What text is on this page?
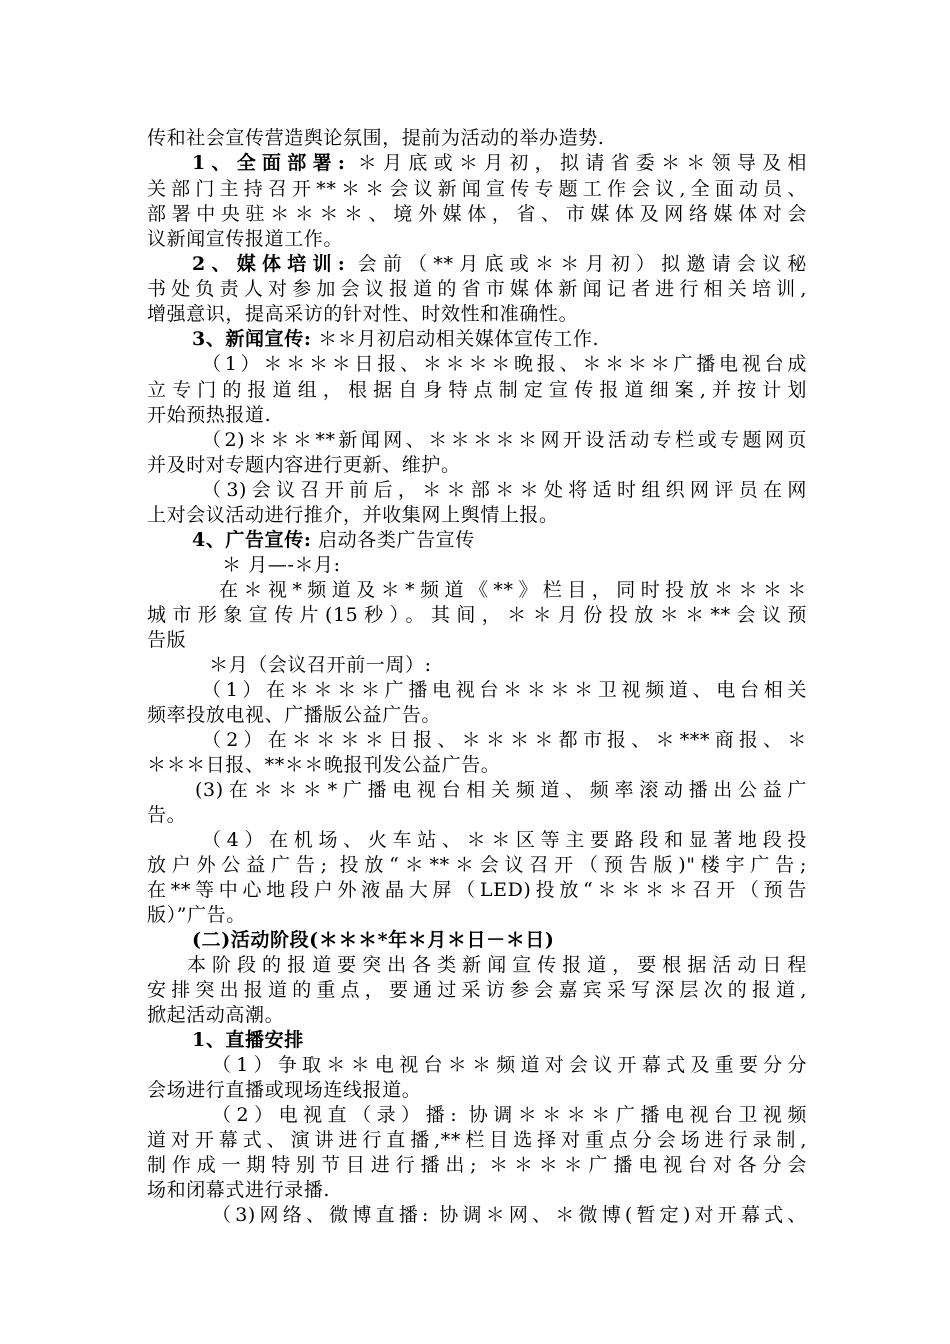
传和社会宣传营造舆论氛围，提前为活动的举办造势.
1、全面部署: ＊月底或＊月初，拟请省委＊＊领导及相
关部门主持召开**＊＊会议新闻宣传专题工作会议,全面动员、
部署中央驻＊＊＊＊、境外媒体，省、市媒体及网络媒体对会
议新闻宣传报道工作。
2、媒体培训: 会前（**月底或＊＊月初）拟邀请会议秘
书处负责人对参加会议报道的省市媒体新闻记者进行相关培训,
增强意识，提高采访的针对性、时效性和准确性。
3、新闻宣传: ＊＊月初启动相关媒体宣传工作.
（1）＊＊＊＊日报、＊＊＊＊晚报、＊＊＊＊广播电视台成
立专门的报道组，根据自身特点制定宣传报道细案,并按计划
开始预热报道.
（2)＊＊＊**新闻网、＊＊＊＊＊网开设活动专栏或专题网页
并及时对专题内容进行更新、维护。
（3)会议召开前后，＊＊部＊＊处将适时组织网评员在网
上对会议活动进行推介，并收集网上舆情上报。
4、广告宣传: 启动各类广告宣传
＊ 月—-＊月:
在＊视*频道及＊*频道《**》栏目，同时投放＊＊＊＊
城市形象宣传片(15秒）。其间，＊＊月份投放＊＊**会议预
告版
＊月（会议召开前一周）:
（1）在＊＊＊＊广播电视台＊＊＊＊卫视频道、电台相关
频率投放电视、广播版公益广告。
（2）在＊＊＊＊日报、＊＊＊＊都市报、＊***商报、＊
＊＊＊日报、**＊＊晚报刊发公益广告。
(3)在＊＊＊*广播电视台相关频道、频率滚动播出公益广
告。
（4）在机场、火车站、＊＊区等主要路段和显著地段投
放户外公益广告; 投放“＊**＊会议召开（预告版)"楼宇广告;
在**等中心地段户外液晶大屏（LED)投放“＊＊＊＊召开（预告
版）”广告。
(二)活动阶段(＊＊＊*年＊月＊日－＊日)
本阶段的报道要突出各类新闻宣传报道，要根据活动日程
安排突出报道的重点，要通过采访参会嘉宾采写深层次的报道,
掀起活动高潮。
1、直播安排
（1）争取＊＊电视台＊＊频道对会议开幕式及重要分分
会场进行直播或现场连线报道。
（2）电视直（录）播: 协调＊＊＊＊广播电视台卫视频
道对开幕式、演讲进行直播,**栏目选择对重点分会场进行录制,
制作成一期特别节目进行播出; ＊＊＊＊广播电视台对各分会
场和闭幕式进行录播.
（3)网络、微博直播: 协调＊网、＊微博(暂定)对开幕式、
